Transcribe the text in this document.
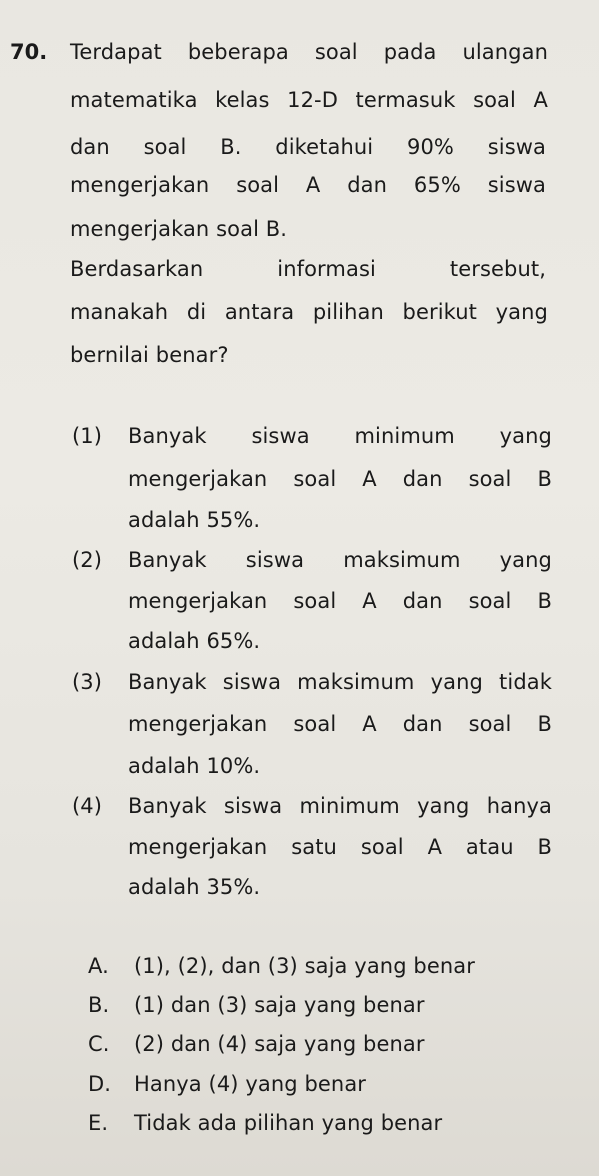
70. Terdapat beberapa soal pada ulangan
matematika kelas 12-D termasuk soal A
dan soal B. diketahui 90% siswa
mengerjakan soal A dan 65% siswa
mengerjakan soal B.
Berdasarkan informasi tersebut,
manakah di antara pilihan berikut yang
bernilai benar?
(1) Banyak siswa minimum yang
mengerjakan soal A dan soal B
adalah 55%.
(2) Banyak siswa maksimum yang
mengerjakan soal A dan soal B
adalah 65%.
(3) Banyak siswa maksimum yang tidak
mengerjakan soal A dan soal B
adalah 10%.
(4) Banyak siswa minimum yang hanya
mengerjakan satu soal A atau B
adalah 35%.
A. (1), (2), dan (3) saja yang benar
B. (1) dan (3) saja yang benar
C. (2) dan (4) saja yang benar
D. Hanya (4) yang benar
E. Tidak ada pilihan yang benar
